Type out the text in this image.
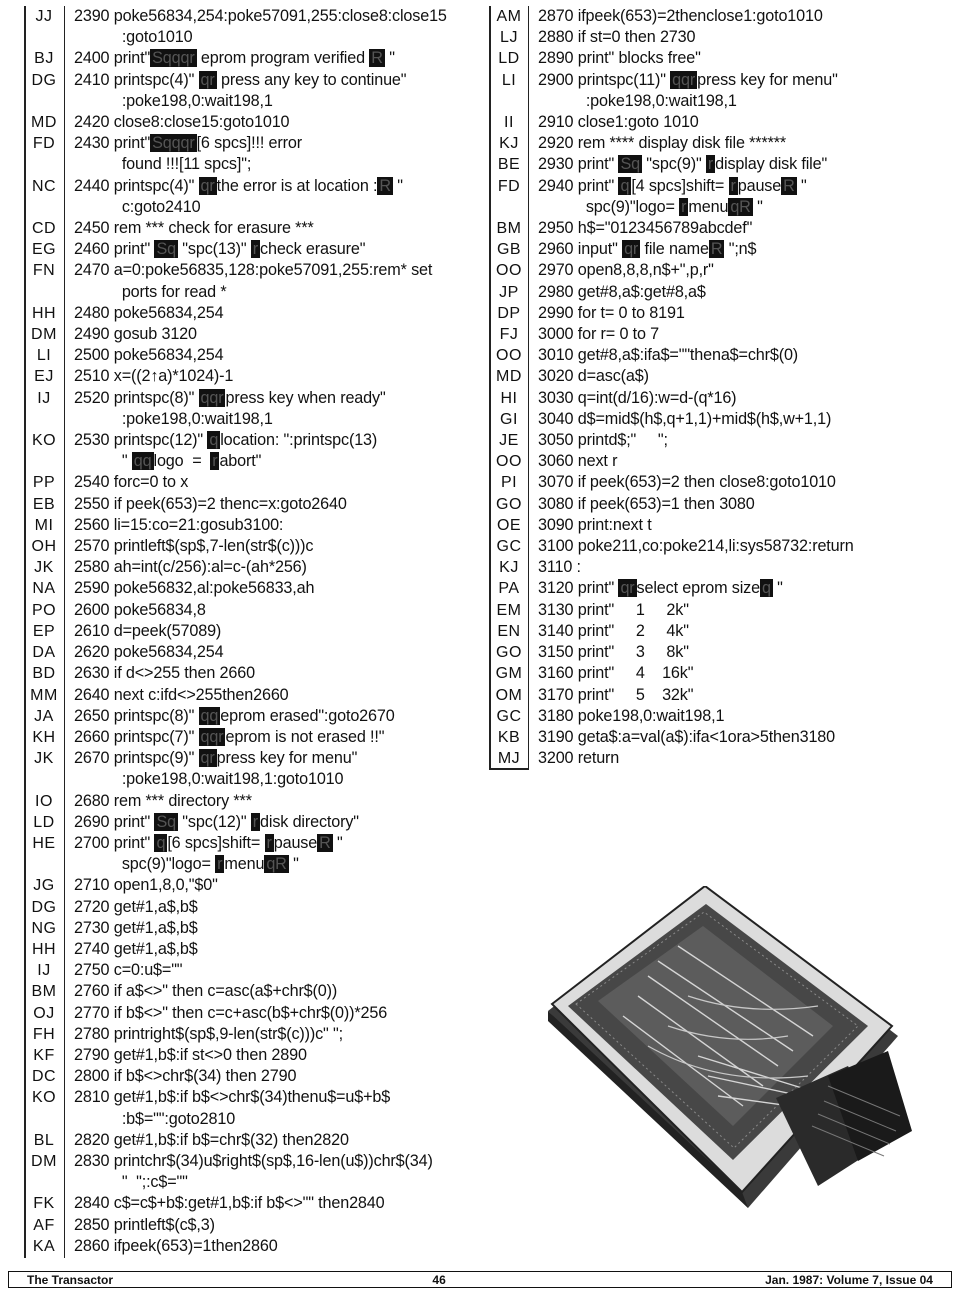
JJ	2390 poke56834,254:poke57091,255:close8:close15
:goto1010
BJ	2400 print" Sqqqr eprom program verified R "
DG	2410 printspc(4)" qr press any key to continue"
:poke198,0:wait198,1
MD	2420 close8:close15:goto1010
FD	2430 print" Sqqqr [6 spcs]!!! error
found !!![11 spcs]";
NC	2440 printspc(4)" qr the error is at location : R "
c:goto2410
CD	2450 rem *** check for erasure ***
EG	2460 print" Sq "spc(13)" r check erasure"
FN	2470 a=0:poke56835,128:poke57091,255:rem* set
ports for read *
HH	2480 poke56834,254
DM	2490 gosub 3120
LI	2500 poke56834,254
EJ	2510 x=((2↑a)*1024)-1
IJ	2520 printspc(8)" qqr press key when ready"
:poke198,0:wait198,1
KO	2530 printspc(12)" q location: ":printspc(13)
" qq logo  =  r abort"
PP	2540 forc=0 to x
EB	2550 if peek(653)=2 thenc=x:goto2640
MI	2560 li=15:co=21:gosub3100:
OH	2570 printleft$(sp$,7-len(str$(c)))c
JK	2580 ah=int(c/256):al=c-(ah*256)
NA	2590 poke56832,al:poke56833,ah
PO	2600 poke56834,8
EP	2610 d=peek(57089)
DA	2620 poke56834,254
BD	2630 if d<>255 then 2660
MM 2640 next c:ifd<>255then2660
JA	2650 printspc(8)" qq eprom erased":goto2670
KH	2660 printspc(7)" qqr eprom is not erased !!"
JK	2670 printspc(9)" qr press key for menu"
:poke198,0:wait198,1:goto1010
IO	2680 rem *** directory ***
LD	2690 print" Sq "spc(12)" r disk directory"
HE	2700 print" q [6 spcs]shift= r pause R "
spc(9)"logo= r menu qR "
JG	2710 open1,8,0,"$0"
DG	2720 get#1,a$,b$
NG	2730 get#1,a$,b$
HH	2740 get#1,a$,b$
IJ	2750 c=0:u$=""
BM	2760 if a$<>" then c=asc(a$+chr$(0))
OJ	2770 if b$<>" then c=c+asc(b$+chr$(0))*256
FH	2780 printright$(sp$,9-len(str$(c)))c" ";
KF	2790 get#1,b$:if st<>0 then 2890
DC	2800 if b$<>chr$(34) then 2790
KO	2810 get#1,b$:if b$<>chr$(34)thenu$=u$+b$
:b$="":goto2810
BL	2820 get#1,b$:if b$=chr$(32) then2820
DM	2830 printchr$(34)u$right$(sp$,16-len(u$))chr$(34)
"  ";:c$=""
FK	2840 c$=c$+b$:get#1,b$:if b$<>"" then2840
AF	2850 printleft$(c$,3)
KA	2860 ifpeek(653)=1then2860
AM	2870 ifpeek(653)=2thenclose1:goto1010
LJ	2880 if st=0 then 2730
LD	2890 print" blocks free"
LI	2900 printspc(11)" qqr press key for menu"
:poke198,0:wait198,1
II	2910 close1:goto 1010
KJ	2920 rem **** display disk file ******
BE	2930 print" Sq "spc(9)" r display disk file"
FD	2940 print" q [4 spcs]shift= r pause R "
spc(9)"logo= r menu qR "
BM	2950 h$="0123456789abcdef"
GB	2960 input" qr file name R ";n$
OO 2970 open8,8,8,n$+",p,r"
JP	2980 get#8,a$:get#8,a$
DP	2990 for t= 0 to 8191
FJ	3000 for r= 0 to 7
OO 3010 get#8,a$:ifa$=""thena$=chr$(0)
MD 3020 d=asc(a$)
HI	3030 q=int(d/16):w=d-(q*16)
GI	3040 d$=mid$(h$,q+1,1)+mid$(h$,w+1,1)
JE	3050 printd$;"     ";
OO 3060 next r
PI	3070 if peek(653)=2 then close8:goto1010
GO 3080 if peek(653)=1 then 3080
OE	3090 print:next t
GC	3100 poke211,co:poke214,li:sys58732:return
KJ	3110 :
PA	3120 print" qr select eprom size q "
EM	3130 print"     1     2k"
EN	3140 print"     2     4k"
GO 3150 print"     3     8k"
GM 3160 print"     4    16k"
OM 3170 print"     5    32k"
GC	3180 poke198,0:wait198,1
KB	3190 geta$:a=val(a$):ifa<1ora>5then3180
MJ	3200 return
The Transactor	46	Jan. 1987: Volume 7, Issue 04
